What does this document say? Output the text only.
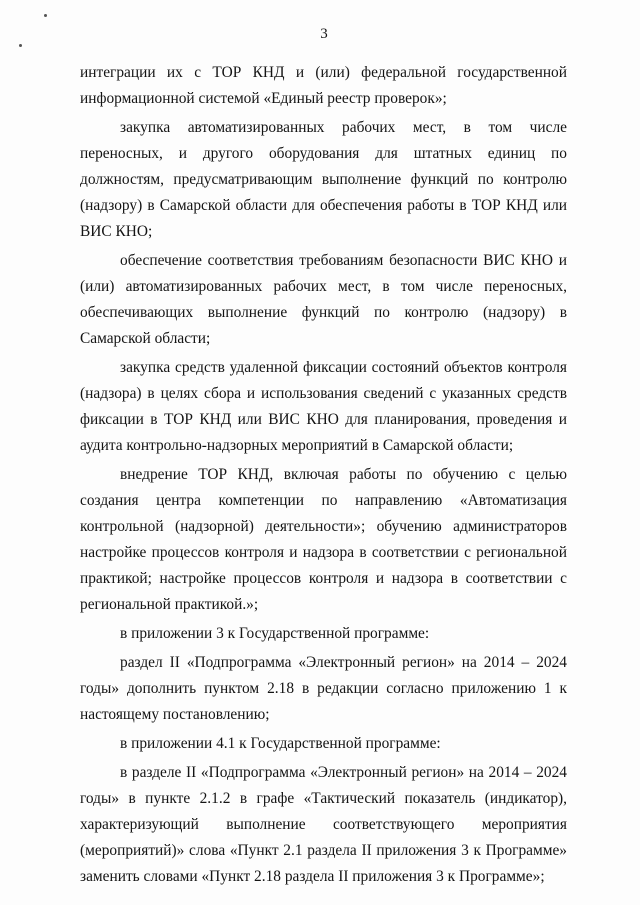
3

интеграции их с ТОР КНД и (или) федеральной государственной информационной системой «Единый реестр проверок»;

закупка автоматизированных рабочих мест, в том числе переносных, и другого оборудования для штатных единиц по должностям, предусматривающим выполнение функций по контролю (надзору) в Самарской области для обеспечения работы в ТОР КНД или ВИС КНО;

обеспечение соответствия требованиям безопасности ВИС КНО и (или) автоматизированных рабочих мест, в том числе переносных, обеспечивающих выполнение функций по контролю (надзору) в Самарской области;

закупка средств удаленной фиксации состояний объектов контроля (надзора) в целях сбора и использования сведений с указанных средств фиксации в ТОР КНД или ВИС КНО для планирования, проведения и аудита контрольно-надзорных мероприятий в Самарской области;

внедрение ТОР КНД, включая работы по обучению с целью создания центра компетенции по направлению «Автоматизация контрольной (надзорной) деятельности»; обучению администраторов настройке процессов контроля и надзора в соответствии с региональной практикой; настройке процессов контроля и надзора в соответствии с региональной практикой.»;

в приложении 3 к Государственной программе:

раздел II «Подпрограмма «Электронный регион» на 2014 – 2024 годы» дополнить пунктом 2.18 в редакции согласно приложению 1 к настоящему постановлению;

в приложении 4.1 к Государственной программе:

в разделе II «Подпрограмма «Электронный регион» на 2014 – 2024 годы» в пункте 2.1.2 в графе «Тактический показатель (индикатор), характеризующий выполнение соответствующего мероприятия (мероприятий)» слова «Пункт 2.1 раздела II приложения 3 к Программе» заменить словами «Пункт 2.18 раздела II приложения 3 к Программе»;
